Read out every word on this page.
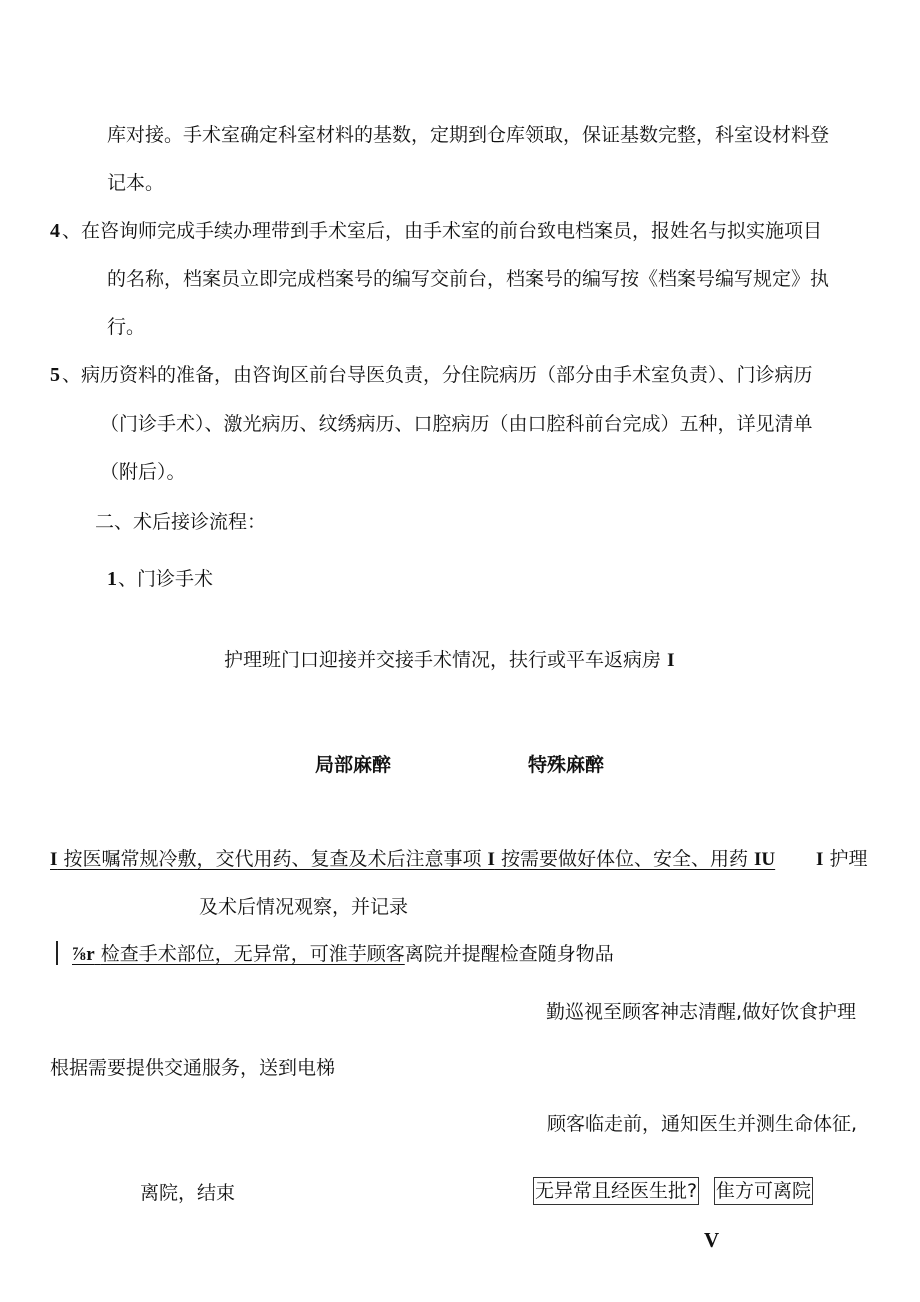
库对接。手术室确定科室材料的基数，定期到仓库领取，保证基数完整，科室设材料登
记本。
4 、在咨询师完成手续办理带到手术室后，由手术室的前台致电档案员，报姓名与拟实施项目
的名称，档案员立即完成档案号的编写交前台，档案号的编写按《档案号编写规定》执
行。
5 、病历资料的准备，由咨询区前台导医负责，分住院病历（部分由手术室负责）、门诊病历
（门诊手术）、激光病历、纹绣病历、口腔病历（由口腔科前台完成）五种，详见清单
（附后）。
二、术后接诊流程：
1 、门诊手术
护理班门口迎接并交接手术情况，扶行或平车返病房 I
局部麻醉	特殊麻醉
I 按医嘱常规冷敷，交代用药、复查及术后注意事项 I 按需要做好体位、安全、用药 IU I 护理
及术后情况观察，并记录
⅞r 检查手术部位，无异常，可淮芋顾客离院并提醒检查随身物品
勤巡视至顾客神志清醒,做好饮食护理
根据需要提供交通服务，送到电梯
顾客临走前，通知医生并测生命体征,
离院，结束	无异常且经医生批? 隹方可离院
V
